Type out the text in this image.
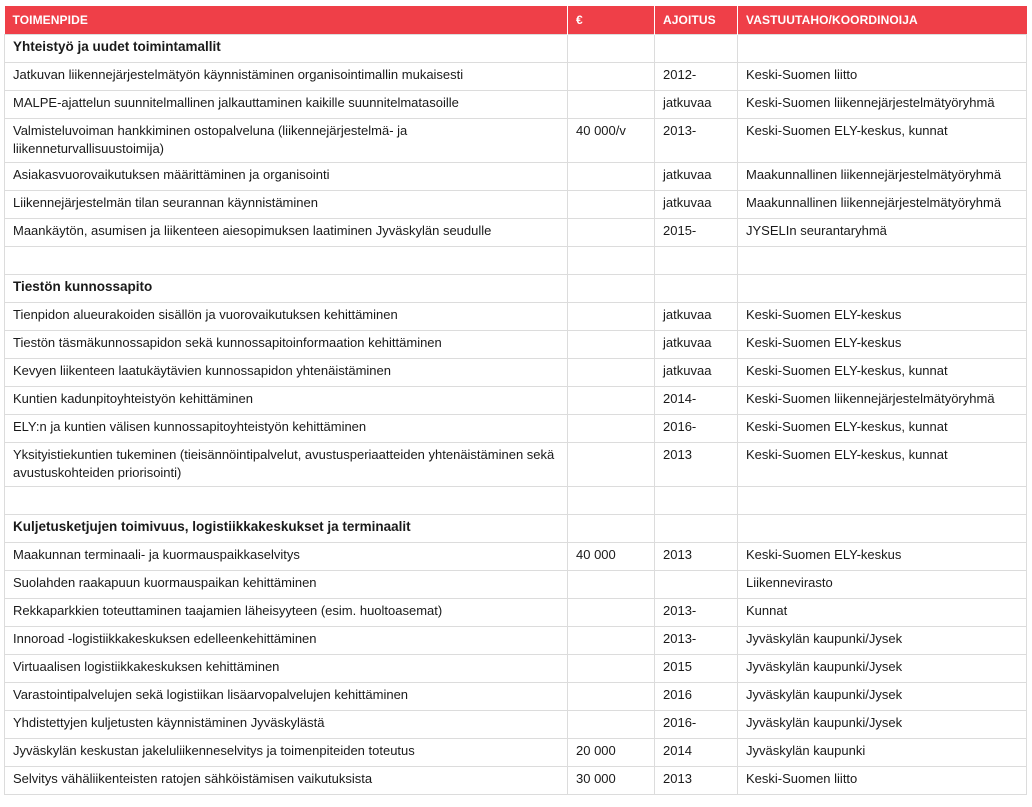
TOIMENPIDE	€	AJOITUS	VASTUUTAHO/KOORDINOIJA
Yhteistyö ja uudet toimintamallit			
Jatkuvan liikennejärjestelmätyön käynnistäminen organisointimallin mukaisesti		2012-	Keski-Suomen liitto
MALPE-ajattelun suunnitelmallinen jalkauttaminen kaikille suunnitelmatasoille		jatkuvaa	Keski-Suomen liikennejärjestelmätyöryhmä
Valmisteluvoiman hankkiminen ostopalveluna (liikennejärjestelmä- ja liikenneturvallisuustoimija)	40 000/v	2013-	Keski-Suomen ELY-keskus, kunnat
Asiakasvuorovaikutuksen määrittäminen ja organisointi		jatkuvaa	Maakunnallinen liikennejärjestelmätyöryhmä
Liikennejärjestelmän tilan seurannan käynnistäminen		jatkuvaa	Maakunnallinen liikennejärjestelmätyöryhmä
Maankäytön, asumisen ja liikenteen aiesopimuksen laatiminen Jyväskylän seudulle		2015-	JYSELIn seurantaryhmä

Tiestön kunnossapito			
Tienpidon alueurakoiden sisällön ja vuorovaikutuksen kehittäminen		jatkuvaa	Keski-Suomen ELY-keskus
Tiestön täsmäkunnossapidon sekä kunnossapitoinformaation kehittäminen		jatkuvaa	Keski-Suomen ELY-keskus
Kevyen liikenteen laatukäytävien kunnossapidon yhtenäistäminen		jatkuvaa	Keski-Suomen ELY-keskus, kunnat
Kuntien kadunpitoyhteistyön kehittäminen		2014-	Keski-Suomen liikennejärjestelmätyöryhmä
ELY:n ja kuntien välisen kunnossapitoyhteistyön kehittäminen		2016-	Keski-Suomen ELY-keskus, kunnat
Yksityistiekuntien tukeminen (tieisännöintipalvelut, avustusperiaatteiden yhtenäistäminen sekä avustuskohteiden priorisointi)		2013	Keski-Suomen ELY-keskus, kunnat

Kuljetusketjujen toimivuus, logistiikkakeskukset ja terminaalit			
Maakunnan terminaali- ja kuormauspaikkaselvitys	40 000	2013	Keski-Suomen ELY-keskus
Suolahden raakapuun kuormauspaikan kehittäminen			Liikennevirasto
Rekkaparkkien toteuttaminen taajamien läheisyyteen (esim. huoltoasemat)		2013-	Kunnat
Innoroad -logistiikkakeskuksen edelleenkehittäminen		2013-	Jyväskylän kaupunki/Jysek
Virtuaalisen logistiikkakeskuksen kehittäminen		2015	Jyväskylän kaupunki/Jysek
Varastointipalvelujen sekä logistiikan lisäarvopalvelujen kehittäminen		2016	Jyväskylän kaupunki/Jysek
Yhdistettyjen kuljetusten käynnistäminen Jyväskylästä		2016-	Jyväskylän kaupunki/Jysek
Jyväskylän keskustan jakeluliikenneselvitys ja toimenpiteiden toteutus	20 000	2014	Jyväskylän kaupunki
Selvitys vähäliikenteisten ratojen sähköistämisen vaikutuksista	30 000	2013	Keski-Suomen liitto
